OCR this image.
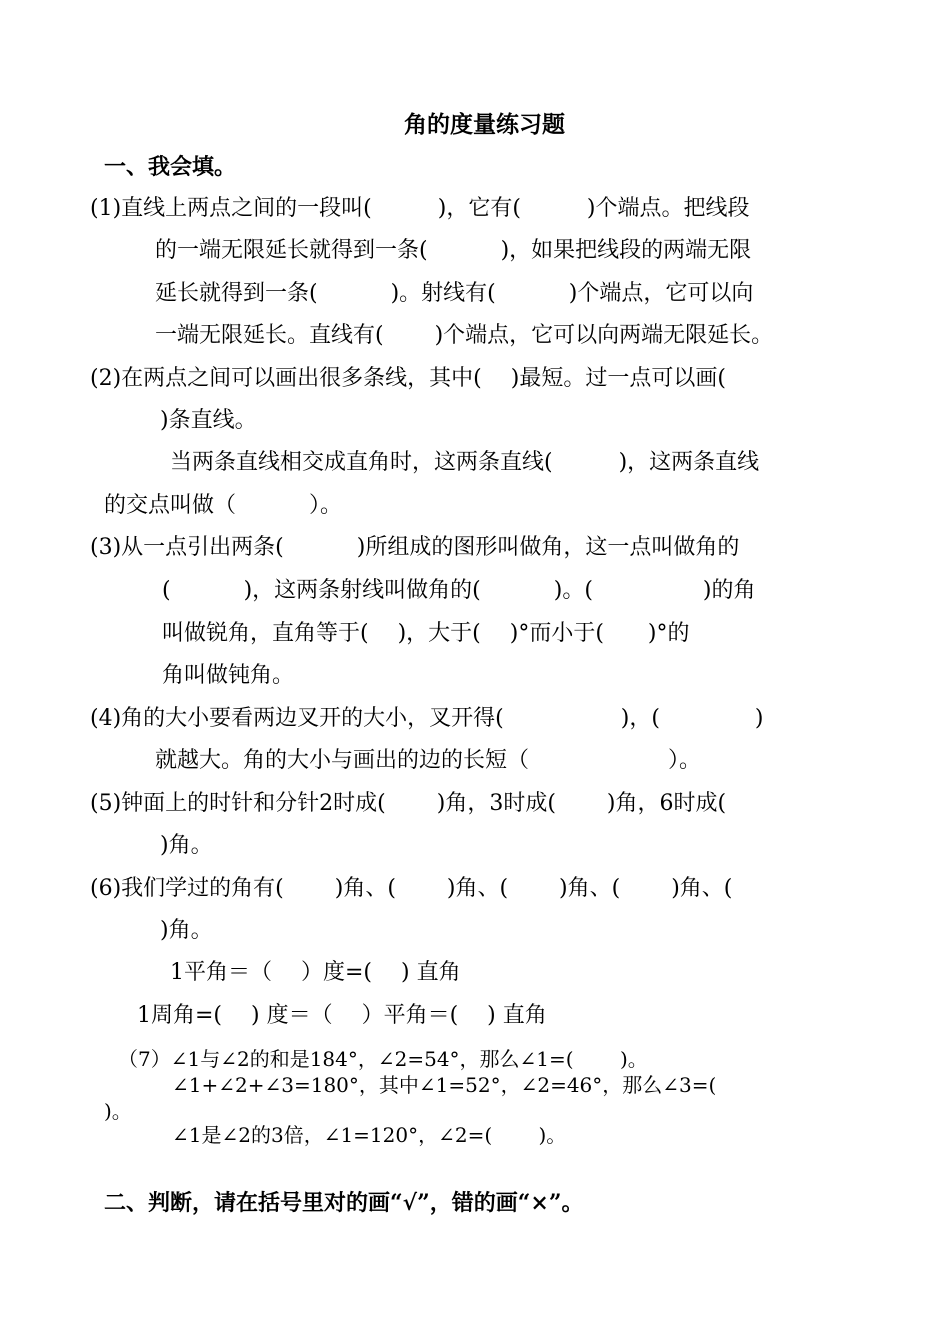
角的度量练习题
一、我会填。
(1)直线上两点之间的一段叫(　　　)，它有(　　　)个端点。把线段
的一端无限延长就得到一条(　　　 )，如果把线段的两端无限
延长就得到一条(　　　 )。射线有(　　　 )个端点，它可以向
一端无限延长。直线有(　　 )个端点，它可以向两端无限延长。
(2)在两点之间可以画出很多条线，其中(　 )最短。过一点可以画(
)条直线。
当两条直线相交成直角时，这两条直线(　　　)，这两条直线
的交点叫做（　　　 ）。
(3)从一点引出两条(　　　 )所组成的图形叫做角，这一点叫做角的
(　　　 )，这两条射线叫做角的(　　　 )。(　　　　　)的角
叫做锐角，直角等于(　 )，大于(　 )°而小于(　　)°的
角叫做钝角。
(4)角的大小要看两边叉开的大小，叉开得(　　　　　 )，(　　　　 )
就越大。角的大小与画出的边的长短（　　　　　　 ）。
(5)钟面上的时针和分针2时成(　　 )角，3时成(　　 )角，6时成(
)角。
(6)我们学过的角有(　　 )角、(　　 )角、(　　 )角、(　　 )角、(
)角。
1平角＝（　 ）度=(　 ) 直角
1周角=(　 ) 度＝（　 ）平角＝(　 ) 直角
（7）∠1与∠2的和是184°，∠2=54°，那么∠1=(　　 )。
∠1+∠2+∠3=180°，其中∠1=52°，∠2=46°，那么∠3=(
)。
∠1是∠2的3倍，∠1=120°，∠2=(　　 )。
二、判断，请在括号里对的画“√”，错的画“×”。
